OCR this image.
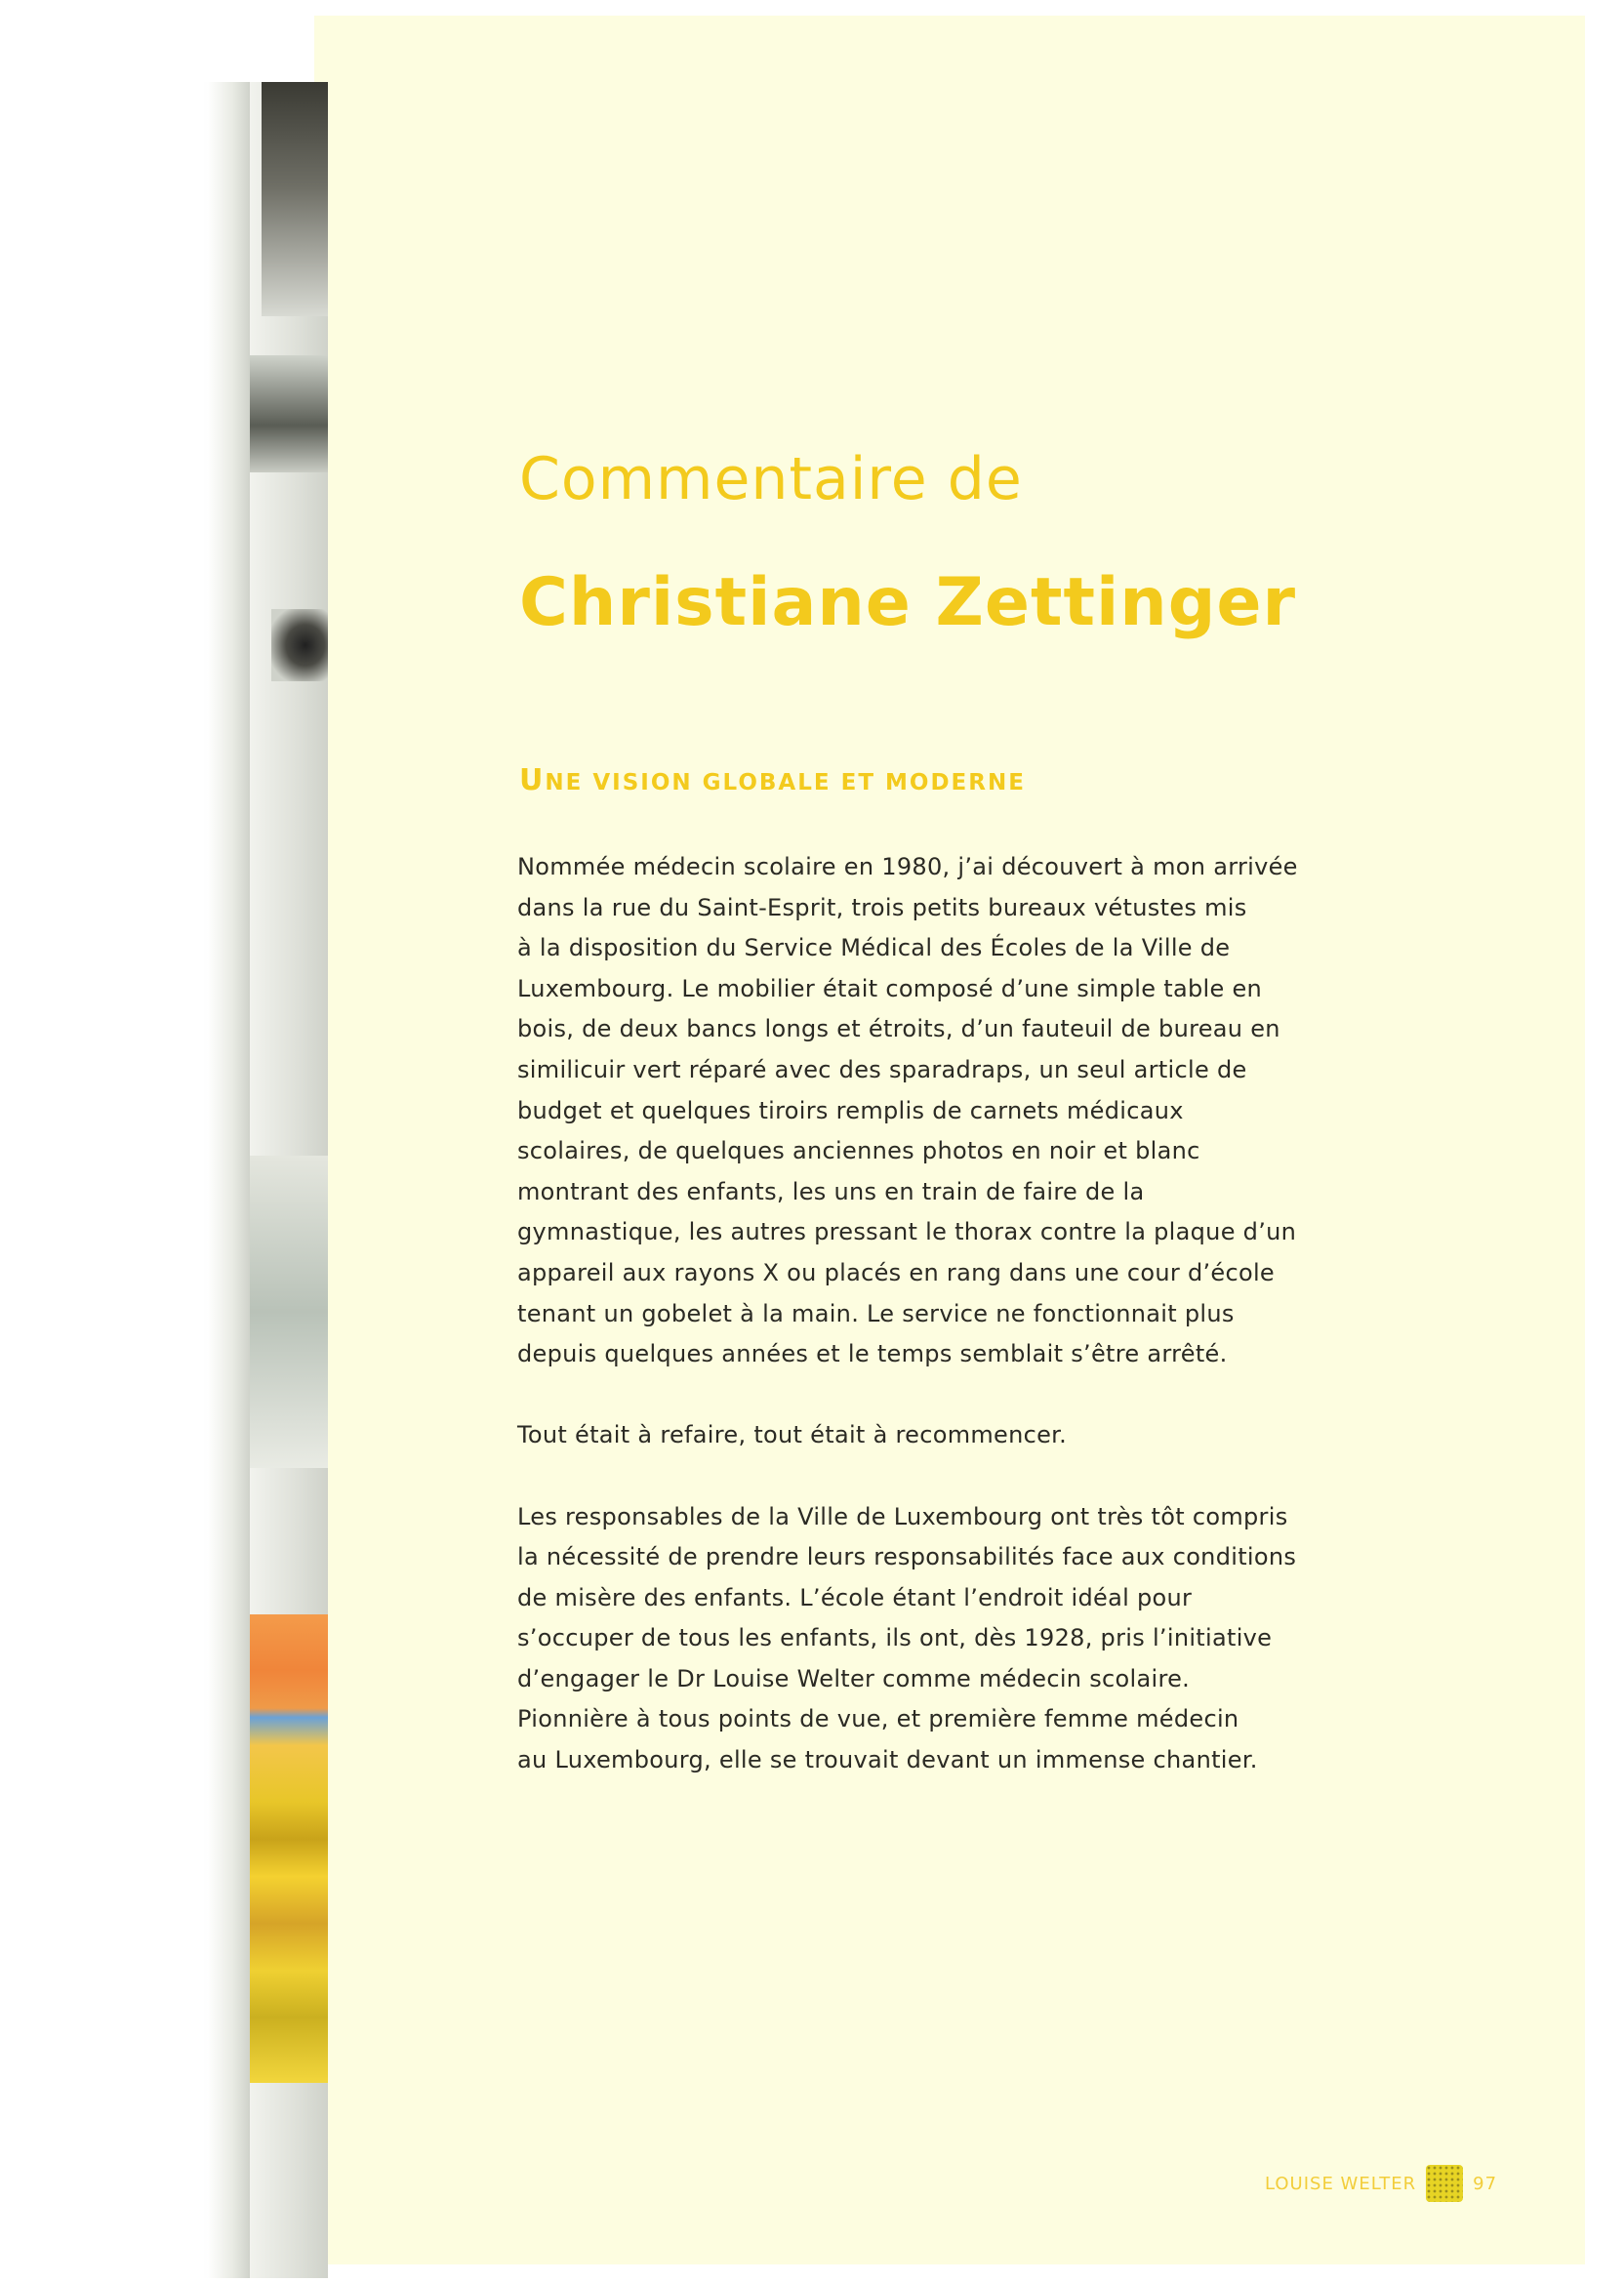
Commentaire de
Christiane Zettinger
UNE VISION GLOBALE ET MODERNE
Nommée médecin scolaire en 1980, j’ai découvert à mon arrivée
dans la rue du Saint-Esprit, trois petits bureaux vétustes mis
à la disposition du Service Médical des Écoles de la Ville de
Luxembourg. Le mobilier était composé d’une simple table en
bois, de deux bancs longs et étroits, d’un fauteuil de bureau en
similicuir vert réparé avec des sparadraps, un seul article de
budget et quelques tiroirs remplis de carnets médicaux
scolaires, de quelques anciennes photos en noir et blanc
montrant des enfants, les uns en train de faire de la
gymnastique, les autres pressant le thorax contre la plaque d’un
appareil aux rayons X ou placés en rang dans une cour d’école
tenant un gobelet à la main. Le service ne fonctionnait plus
depuis quelques années et le temps semblait s’être arrêté.
Tout était à refaire, tout était à recommencer.
Les responsables de la Ville de Luxembourg ont très tôt compris
la nécessité de prendre leurs responsabilités face aux conditions
de misère des enfants. L’école étant l’endroit idéal pour
s’occuper de tous les enfants, ils ont, dès 1928, pris l’initiative
d’engager le Dr Louise Welter comme médecin scolaire.
Pionnière à tous points de vue, et première femme médecin
au Luxembourg, elle se trouvait devant un immense chantier.
LOUISE WELTER	97
